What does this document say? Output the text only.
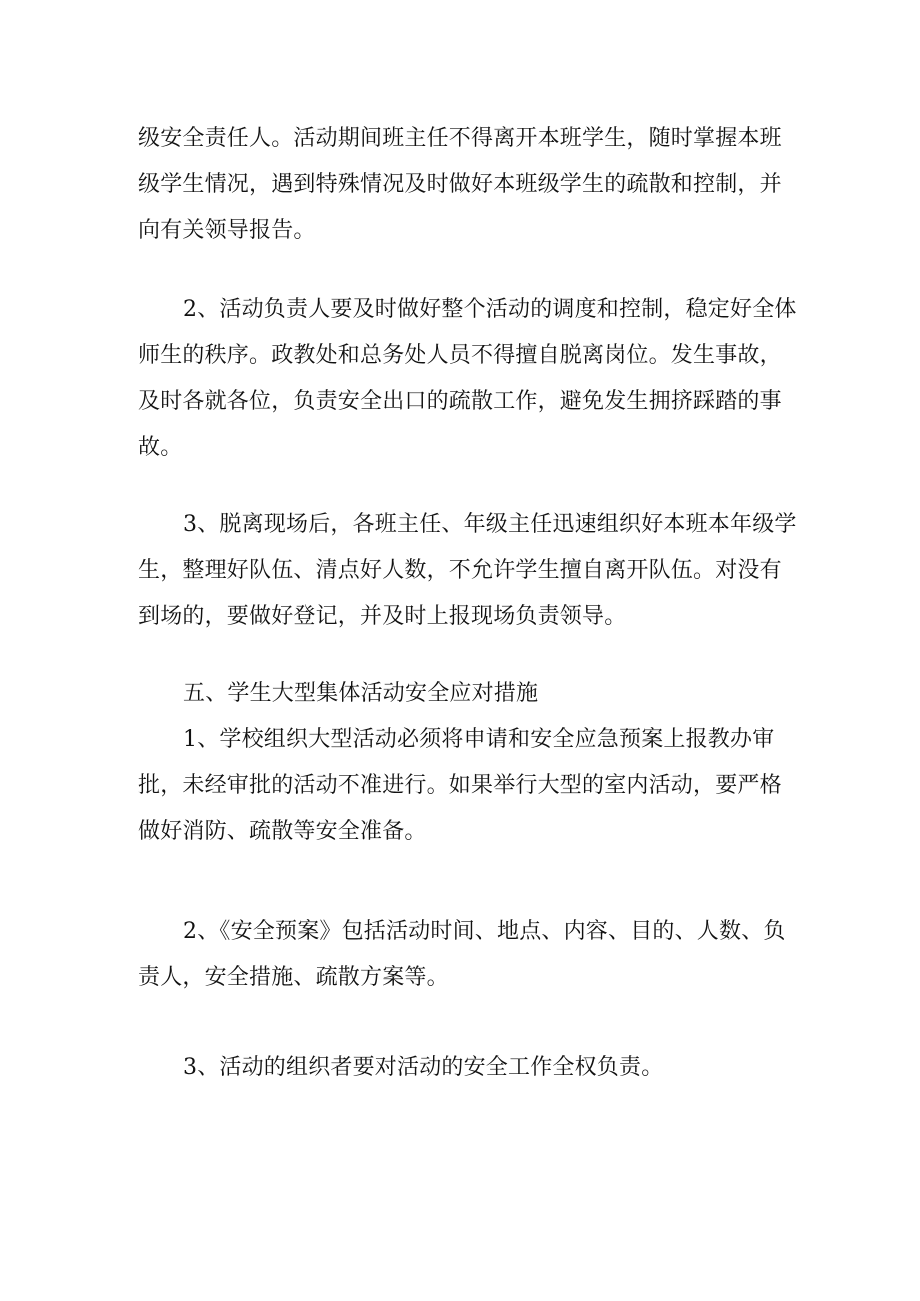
级安全责任人。活动期间班主任不得离开本班学生，随时掌握本班
级学生情况，遇到特殊情况及时做好本班级学生的疏散和控制，并
向有关领导报告。
2、活动负责人要及时做好整个活动的调度和控制，稳定好全体
师生的秩序。政教处和总务处人员不得擅自脱离岗位。发生事故，
及时各就各位，负责安全出口的疏散工作，避免发生拥挤踩踏的事
故。
3、脱离现场后，各班主任、年级主任迅速组织好本班本年级学
生，整理好队伍、清点好人数，不允许学生擅自离开队伍。对没有
到场的，要做好登记，并及时上报现场负责领导。
五、学生大型集体活动安全应对措施
1、学校组织大型活动必须将申请和安全应急预案上报教办审
批，未经审批的活动不准进行。如果举行大型的室内活动，要严格
做好消防、疏散等安全准备。
2、《安全预案》包括活动时间、地点、内容、目的、人数、负
责人，安全措施、疏散方案等。
3、活动的组织者要对活动的安全工作全权负责。
